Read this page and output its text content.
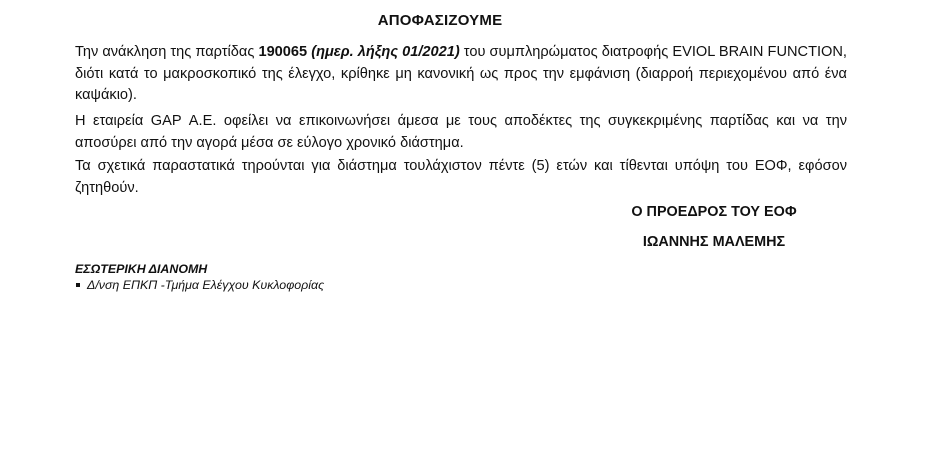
ΑΠΟΦΑΣΙΖΟΥΜΕ
Την ανάκληση της παρτίδας 190065 (ημερ. λήξης 01/2021) του συμπληρώματος διατροφής EVIOL BRAIN FUNCTION, διότι κατά το μακροσκοπικό της έλεγχο, κρίθηκε μη κανονική ως προς την εμφάνιση (διαρροή περιεχομένου από ένα καψάκιο).
Η εταιρεία GAP Α.Ε. οφείλει να επικοινωνήσει άμεσα με τους αποδέκτες της συγκεκριμένης παρτίδας και να την αποσύρει από την αγορά μέσα σε εύλογο χρονικό διάστημα.
Τα σχετικά παραστατικά τηρούνται για διάστημα τουλάχιστον πέντε (5) ετών και τίθενται υπόψη του ΕΟΦ, εφόσον ζητηθούν.
Ο ΠΡΟΕΔΡΟΣ ΤΟΥ ΕΟΦ
ΙΩΑΝΝΗΣ ΜΑΛΕΜΗΣ
ΕΣΩΤΕΡΙΚΗ ΔΙΑΝΟΜΗ
Δ/νση ΕΠΚΠ -Τμήμα Ελέγχου Κυκλοφορίας
